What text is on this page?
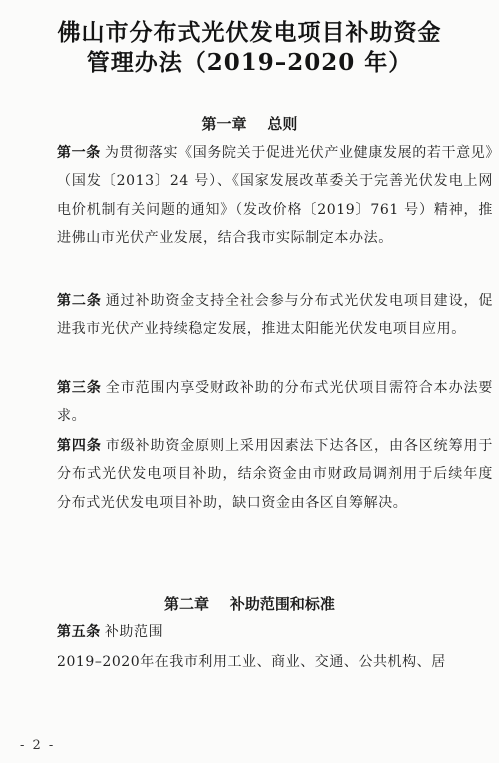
佛山市分布式光伏发电项目补助资金
管理办法（2019–2020 年）
第一章    总则
第一条 为贯彻落实《国务院关于促进光伏产业健康发展的若干意见》（国发〔2013〕24 号）、《国家发展改革委关于完善光伏发电上网电价机制有关问题的通知》（发改价格〔2019〕761 号）精神，推进佛山市光伏产业发展，结合我市实际制定本办法。
第二条 通过补助资金支持全社会参与分布式光伏发电项目建设，促进我市光伏产业持续稳定发展，推进太阳能光伏发电项目应用。
第三条 全市范围内享受财政补助的分布式光伏项目需符合本办法要求。
第四条 市级补助资金原则上采用因素法下达各区，由各区统筹用于分布式光伏发电项目补助，结余资金由市财政局调剂用于后续年度分布式光伏发电项目补助，缺口资金由各区自筹解决。
第二章    补助范围和标准
第五条 补助范围
2019–2020年在我市利用工业、商业、交通、公共机构、居
- 2 -
